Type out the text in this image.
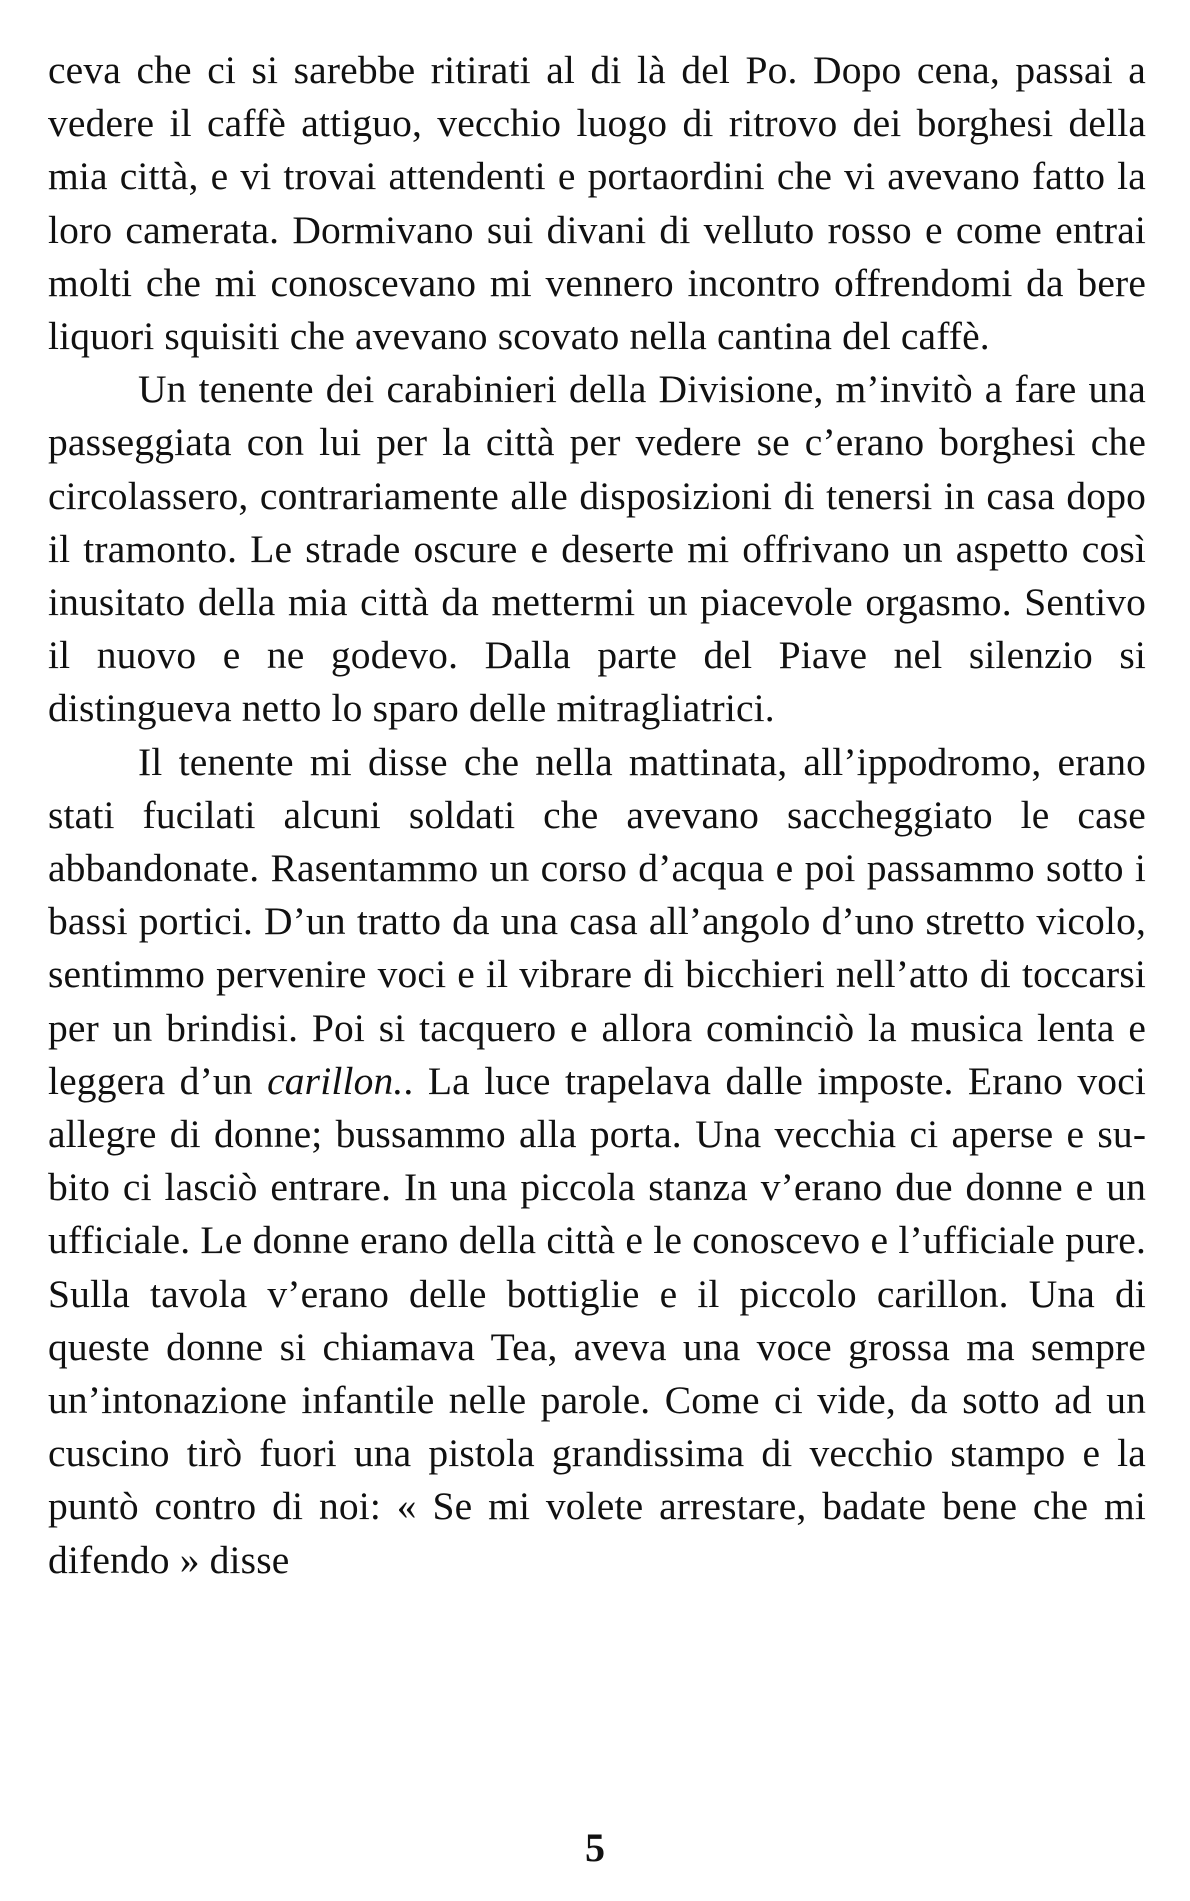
ceva che ci si sarebbe ritirati al di là del Po. Dopo cena, passai a vedere il caffè attiguo, vecchio luogo di ritrovo dei borghesi della mia città, e vi trovai attendenti e portaordini che vi avevano fatto la loro camerata. Dormivano sui divani di velluto rosso e come entrai molti che mi conoscevano mi vennero incontro offrendomi da bere liquori squisiti che avevano scovato nella cantina del caffè.

Un tenente dei carabinieri della Divisione, m’invitò a fare una passeggiata con lui per la città per vedere se c’erano borghesi che circolassero, contrariamente alle disposizioni di tenersi in casa dopo il tramonto. Le strade oscure e deserte mi offrivano un aspetto così inusitato della mia città da mettermi un piacevole orgasmo. Sentivo il nuovo e ne godevo. Dalla parte del Piave nel silenzio si distingueva netto lo sparo delle mitragliatrici.

Il tenente mi disse che nella mattinata, all’ippodromo, erano stati fucilati alcuni soldati che avevano saccheggiato le case abbandonate. Rasentammo un corso d’acqua e poi passammo sotto i bassi portici. D’un tratto da una casa all’angolo d’uno stretto vicolo, sentimmo pervenire voci e il vibrare di bicchieri nell’atto di toccarsi per un brindisi. Poi si tacquero e allora cominciò la musica lenta e leggera d’un carillon.. La luce trapelava dalle imposte. Erano voci allegre di donne; bussammo alla porta. Una vecchia ci aperse e subito ci lasciò entrare. In una piccola stanza v’erano due donne e un ufficiale. Le donne erano della città e le conoscevo e l’ufficiale pure. Sulla tavola v’erano delle bottiglie e il piccolo carillon. Una di queste donne si chiamava Tea, aveva una voce grossa ma sempre un’intonazione infantile nelle parole. Come ci vide, da sotto ad un cuscino tirò fuori una pistola grandissima di vecchio stampo e la puntò contro di noi: « Se mi volete arrestare, badate bene che mi difendo » disse

5
